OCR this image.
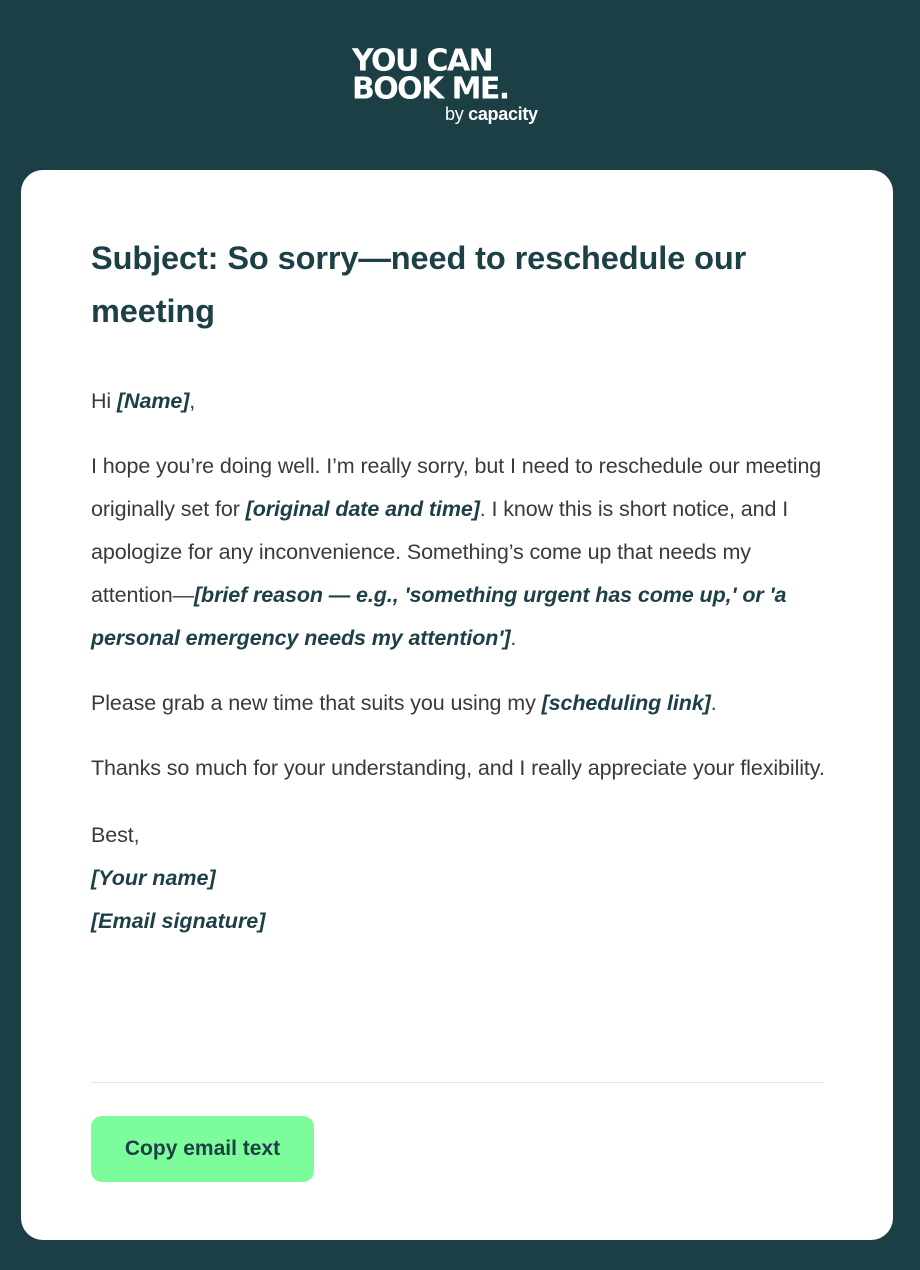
YOU CAN
BOOK ME.
by capacity
Subject: So sorry—need to reschedule our meeting

Hi [Name],

I hope you’re doing well. I’m really sorry, but I need to reschedule our meeting originally set for [original date and time]. I know this is short notice, and I apologize for any inconvenience. Something’s come up that needs my attention—[brief reason — e.g., 'something urgent has come up,' or 'a personal emergency needs my attention'].

Please grab a new time that suits you using my [scheduling link].

Thanks so much for your understanding, and I really appreciate your flexibility.

Best,

[Your name]
[Email signature]
Copy email text
